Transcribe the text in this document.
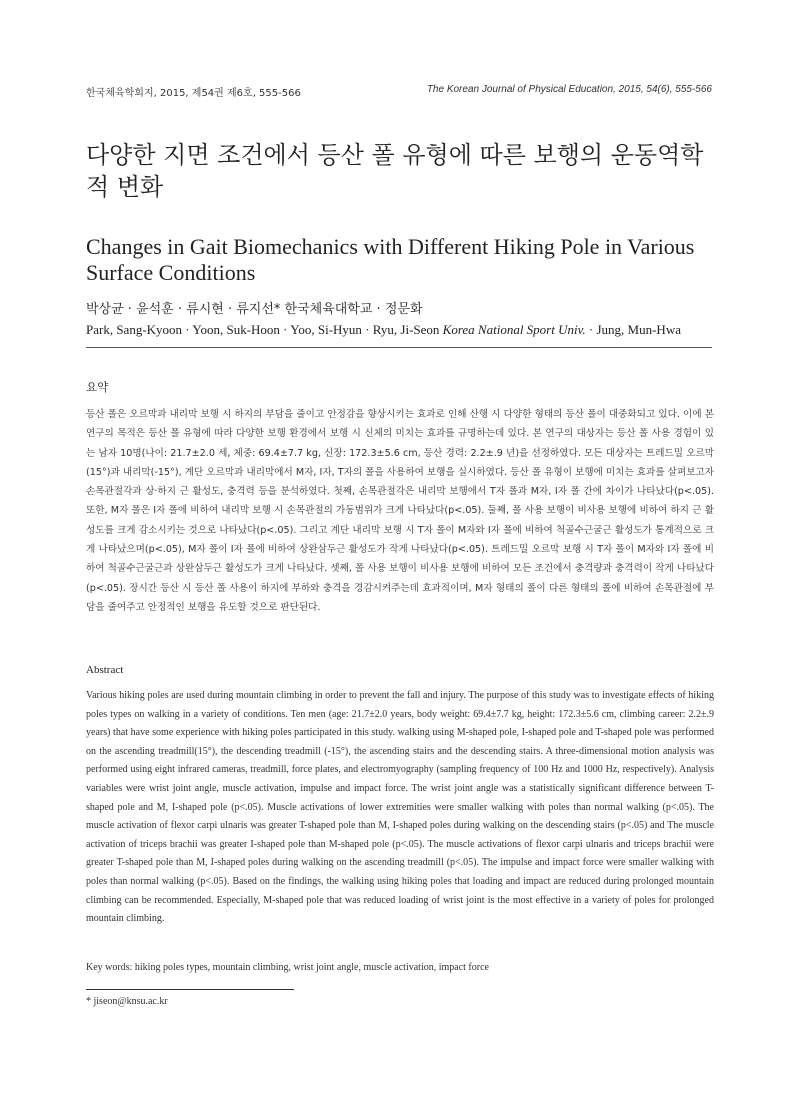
한국체육학회지, 2015, 제54권 제6호, 555-566	The Korean Journal of Physical Education, 2015, 54(6), 555-566
다양한 지면 조건에서 등산 폴 유형에 따른 보행의 운동역학적 변화
Changes in Gait Biomechanics with Different Hiking Pole in Various Surface Conditions
박상균 · 윤석훈 · 류시현 · 류지선* 한국체육대학교 · 정문화
Park, Sang-Kyoon · Yoon, Suk-Hoon · Yoo, Si-Hyun · Ryu, Ji-Seon Korea National Sport Univ. · Jung, Mun-Hwa
요약

등산 폴은 오르막과 내리막 보행 시 하지의 부담을 줄이고 안정감을 향상시키는 효과로 인해 산행 시 다양한 형태의 등산 폴이 대중화되고 있다. 이에 본 연구의 목적은 등산 폴 유형에 따라 다양한 보행 환경에서 보행 시 신체의 미치는 효과를 규명하는데 있다. 본 연구의 대상자는 등산 폴 사용 경험이 있는 남자 10명(나이: 21.7±2.0 세, 체중: 69.4±7.7 kg, 신장: 172.3±5.6 cm, 등산 경력: 2.2±.9 년)을 선정하였다. 모든 대상자는 트레드밀 오르막(15°)과 내리막(-15°), 계단 오르막과 내리막에서 M자, I자, T자의 폴을 사용하여 보행을 실시하였다. 등산 폴 유형이 보행에 미치는 효과를 살펴보고자 손목관절각과 상·하지 근 활성도, 충격력 등을 분석하였다. 첫째, 손목관절각은 내리막 보행에서 T자 폴과 M자, I자 폴 간에 차이가 나타났다(p<.05). 또한, M자 폴은 I자 폴에 비하여 내리막 보행 시 손목관절의 가동범위가 크게 나타났다(p<.05). 둘째, 폴 사용 보행이 비사용 보행에 비하여 하지 근 활성도를 크게 감소시키는 것으로 나타났다(p<.05). 그리고 계단 내리막 보행 시 T자 폴이 M자와 I자 폴에 비하여 척골수근굴근 활성도가 통계적으로 크게 나타났으며(p<.05), M자 폴이 I자 폴에 비하여 상완삼두근 활성도가 작게 나타났다(p<.05). 트레드밀 오르막 보행 시 T자 폴이 M자와 I자 폴에 비하여 척골수근굴근과 상완삼두근 활성도가 크게 나타났다. 셋째, 폴 사용 보행이 비사용 보행에 비하여 모든 조건에서 충격량과 충격력이 작게 나타났다(p<.05). 장시간 등산 시 등산 폴 사용이 하지에 부하와 충격을 경감시켜주는데 효과적이며, M자 형태의 폴이 다른 형태의 폴에 비하여 손목관절에 부담을 줄여주고 안정적인 보행을 유도할 것으로 판단된다.

Abstract

Various hiking poles are used during mountain climbing in order to prevent the fall and injury. The purpose of this study was to investigate effects of hiking poles types on walking in a variety of conditions. Ten men (age: 21.7±2.0 years, body weight: 69.4±7.7 kg, height: 172.3±5.6 cm, climbing career: 2.2±.9 years) that have some experience with hiking poles participated in this study. walking using M-shaped pole, I-shaped pole and T-shaped pole was performed on the ascending treadmill(15°), the descending treadmill (-15°), the ascending stairs and the descending stairs. A three-dimensional motion analysis was performed using eight infrared cameras, treadmill, force plates, and electromyography (sampling frequency of 100 Hz and 1000 Hz, respectively). Analysis variables were wrist joint angle, muscle activation, impulse and impact force. The wrist joint angle was a statistically significant difference between T-shaped pole and M, I-shaped pole (p<.05). Muscle activations of lower extremities were smaller walking with poles than normal walking (p<.05). The muscle activation of flexor carpi ulnaris was greater T-shaped pole than M, I-shaped poles during walking on the descending stairs (p<.05) and The muscle activation of triceps brachii was greater I-shaped pole than M-shaped pole (p<.05). The muscle activations of flexor carpi ulnaris and triceps brachii were greater T-shaped pole than M, I-shaped poles during walking on the ascending treadmill (p<.05). The impulse and impact force were smaller walking with poles than normal walking (p<.05). Based on the findings, the walking using hiking poles that loading and impact are reduced during prolonged mountain climbing can be recommended. Especially, M-shaped pole that was reduced loading of wrist joint is the most effective in a variety of poles for prolonged mountain climbing.

Key words: hiking poles types, mountain climbing, wrist joint angle, muscle activation, impact force
* jiseon@knsu.ac.kr
